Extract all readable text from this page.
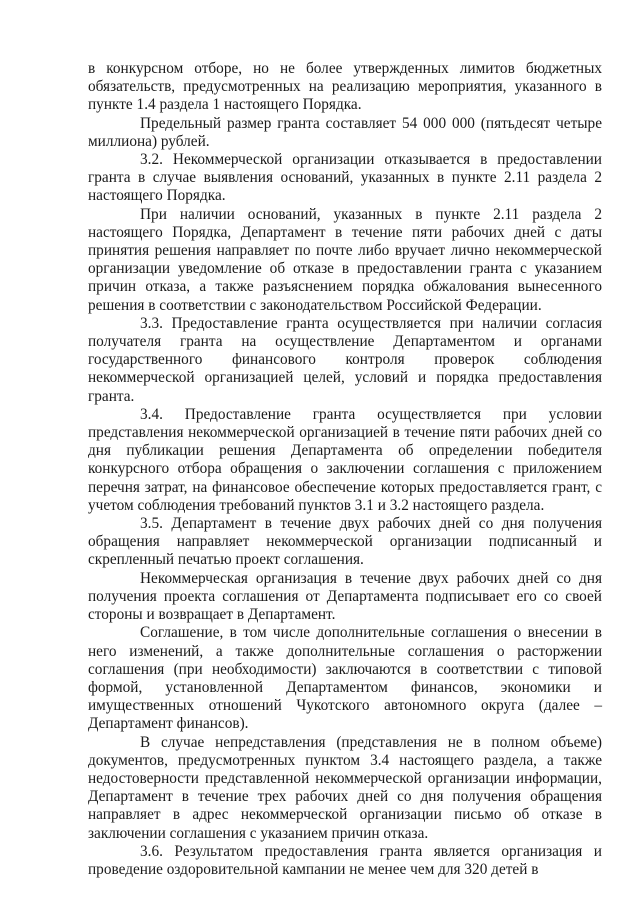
в конкурсном отборе, но не более утвержденных лимитов бюджетных обязательств, предусмотренных на реализацию мероприятия, указанного в пункте 1.4 раздела 1 настоящего Порядка.

Предельный размер гранта составляет 54 000 000 (пятьдесят четыре миллиона) рублей.

3.2. Некоммерческой организации отказывается в предоставлении гранта в случае выявления оснований, указанных в пункте 2.11 раздела 2 настоящего Порядка.

При наличии оснований, указанных в пункте 2.11 раздела 2 настоящего Порядка, Департамент в течение пяти рабочих дней с даты принятия решения направляет по почте либо вручает лично некоммерческой организации уведомление об отказе в предоставлении гранта с указанием причин отказа, а также разъяснением порядка обжалования вынесенного решения в соответствии с законодательством Российской Федерации.

3.3. Предоставление гранта осуществляется при наличии согласия получателя гранта на осуществление Департаментом и органами государственного финансового контроля проверок соблюдения некоммерческой организацией целей, условий и порядка предоставления гранта.

3.4. Предоставление гранта осуществляется при условии представления некоммерческой организацией в течение пяти рабочих дней со дня публикации решения Департамента об определении победителя конкурсного отбора обращения о заключении соглашения с приложением перечня затрат, на финансовое обеспечение которых предоставляется грант, с учетом соблюдения требований пунктов 3.1 и 3.2 настоящего раздела.

3.5. Департамент в течение двух рабочих дней со дня получения обращения направляет некоммерческой организации подписанный и скрепленный печатью проект соглашения.

Некоммерческая организация в течение двух рабочих дней со дня получения проекта соглашения от Департамента подписывает его со своей стороны и возвращает в Департамент.

Соглашение, в том числе дополнительные соглашения о внесении в него изменений, а также дополнительные соглашения о расторжении соглашения (при необходимости) заключаются в соответствии с типовой формой, установленной Департаментом финансов, экономики и имущественных отношений Чукотского автономного округа (далее – Департамент финансов).

В случае непредставления (представления не в полном объеме) документов, предусмотренных пунктом 3.4 настоящего раздела, а также недостоверности представленной некоммерческой организации информации, Департамент в течение трех рабочих дней со дня получения обращения направляет в адрес некоммерческой организации письмо об отказе в заключении соглашения с указанием причин отказа.

3.6. Результатом предоставления гранта является организация и проведение оздоровительной кампании не менее чем для 320 детей в
